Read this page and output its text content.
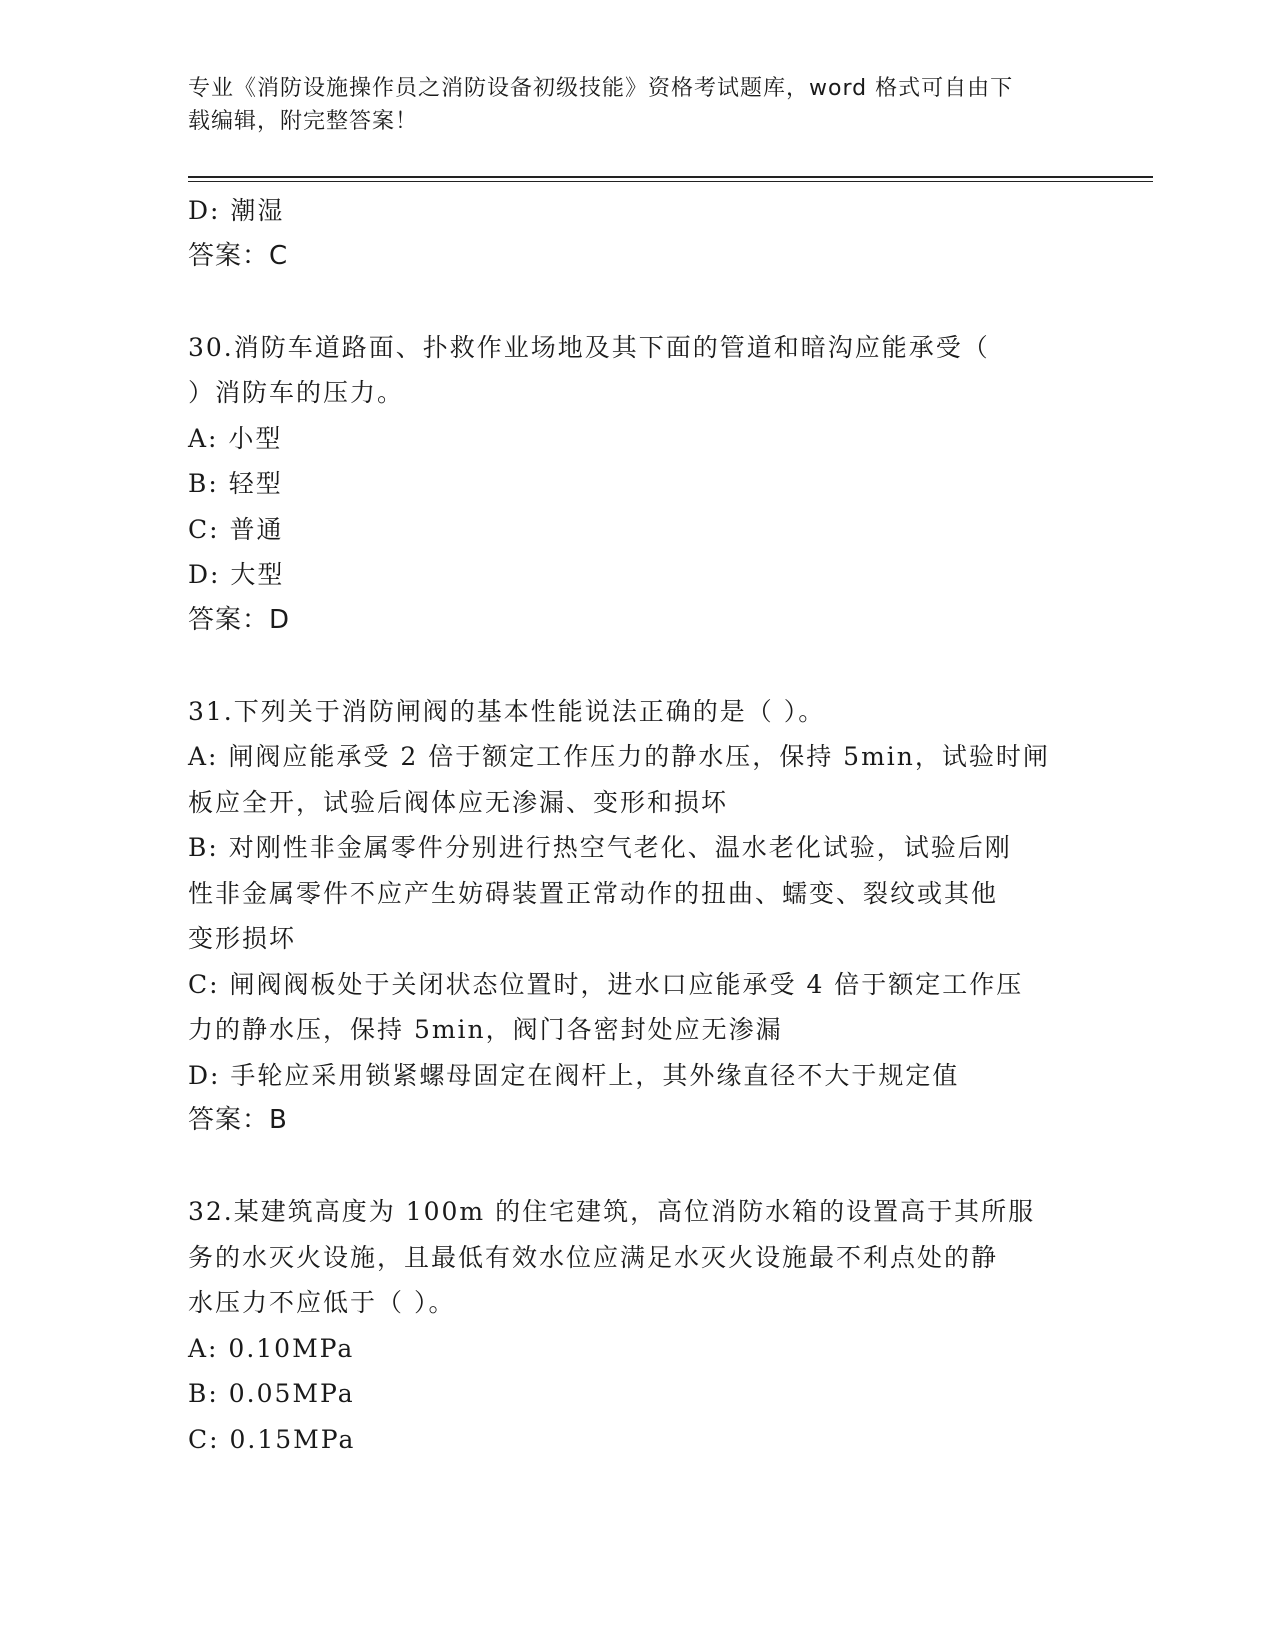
专业《消防设施操作员之消防设备初级技能》资格考试题库，word 格式可自由下
载编辑，附完整答案！
D: 潮湿
答案：C
30.消防车道路面、扑救作业场地及其下面的管道和暗沟应能承受（
）消防车的压力。
A: 小型
B: 轻型
C: 普通
D: 大型
答案：D
31.下列关于消防闸阀的基本性能说法正确的是（ ）。
A: 闸阀应能承受 2 倍于额定工作压力的静水压，保持 5min，试验时闸
板应全开，试验后阀体应无渗漏、变形和损坏
B: 对刚性非金属零件分别进行热空气老化、温水老化试验，试验后刚
性非金属零件不应产生妨碍装置正常动作的扭曲、蠕变、裂纹或其他
变形损坏
C: 闸阀阀板处于关闭状态位置时，进水口应能承受 4 倍于额定工作压
力的静水压，保持 5min，阀门各密封处应无渗漏
D: 手轮应采用锁紧螺母固定在阀杆上，其外缘直径不大于规定值
答案：B
32.某建筑高度为 100m 的住宅建筑，高位消防水箱的设置高于其所服
务的水灭火设施，且最低有效水位应满足水灭火设施最不利点处的静
水压力不应低于（ ）。
A: 0.10MPa
B: 0.05MPa
C: 0.15MPa
